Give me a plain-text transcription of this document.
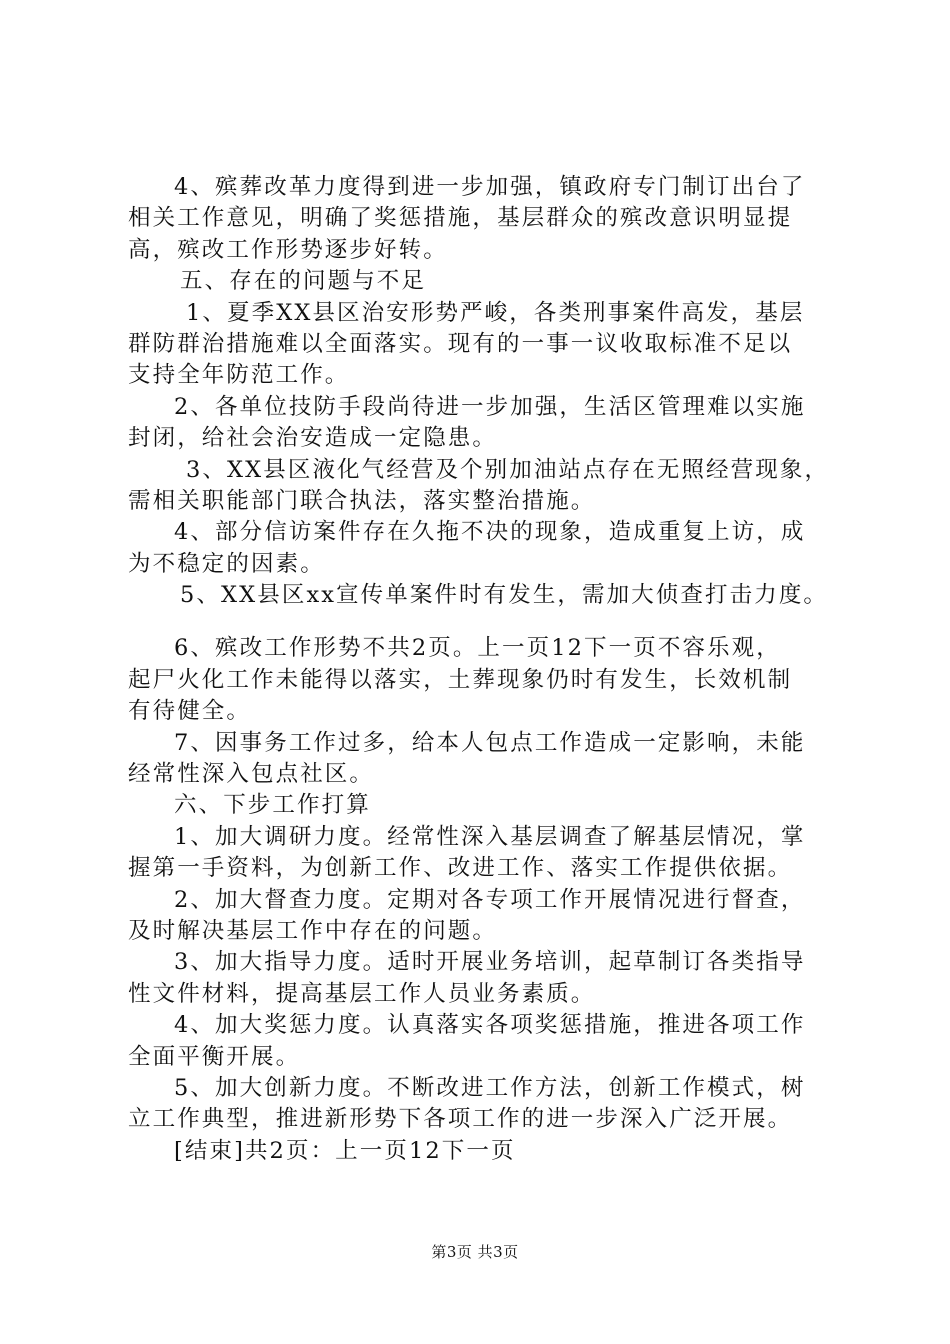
4、殡葬改革力度得到进一步加强，镇政府专门制订出台了
相关工作意见，明确了奖惩措施，基层群众的殡改意识明显提
高，殡改工作形势逐步好转。
五、存在的问题与不足
1、夏季XX县区治安形势严峻，各类刑事案件高发，基层
群防群治措施难以全面落实。现有的一事一议收取标准不足以
支持全年防范工作。
2、各单位技防手段尚待进一步加强，生活区管理难以实施
封闭，给社会治安造成一定隐患。
3、XX县区液化气经营及个别加油站点存在无照经营现象，
需相关职能部门联合执法，落实整治措施。
4、部分信访案件存在久拖不决的现象，造成重复上访，成
为不稳定的因素。
5、XX县区xx宣传单案件时有发生，需加大侦查打击力度。
6、殡改工作形势不共2页。上一页12下一页不容乐观，
起尸火化工作未能得以落实，土葬现象仍时有发生，长效机制
有待健全。
7、因事务工作过多，给本人包点工作造成一定影响，未能
经常性深入包点社区。
六、下步工作打算
1、加大调研力度。经常性深入基层调查了解基层情况，掌
握第一手资料，为创新工作、改进工作、落实工作提供依据。
2、加大督查力度。定期对各专项工作开展情况进行督查，
及时解决基层工作中存在的问题。
3、加大指导力度。适时开展业务培训，起草制订各类指导
性文件材料，提高基层工作人员业务素质。
4、加大奖惩力度。认真落实各项奖惩措施，推进各项工作
全面平衡开展。
5、加大创新力度。不断改进工作方法，创新工作模式，树
立工作典型，推进新形势下各项工作的进一步深入广泛开展。
[结束]共2页：上一页12下一页
第3页 共3页
